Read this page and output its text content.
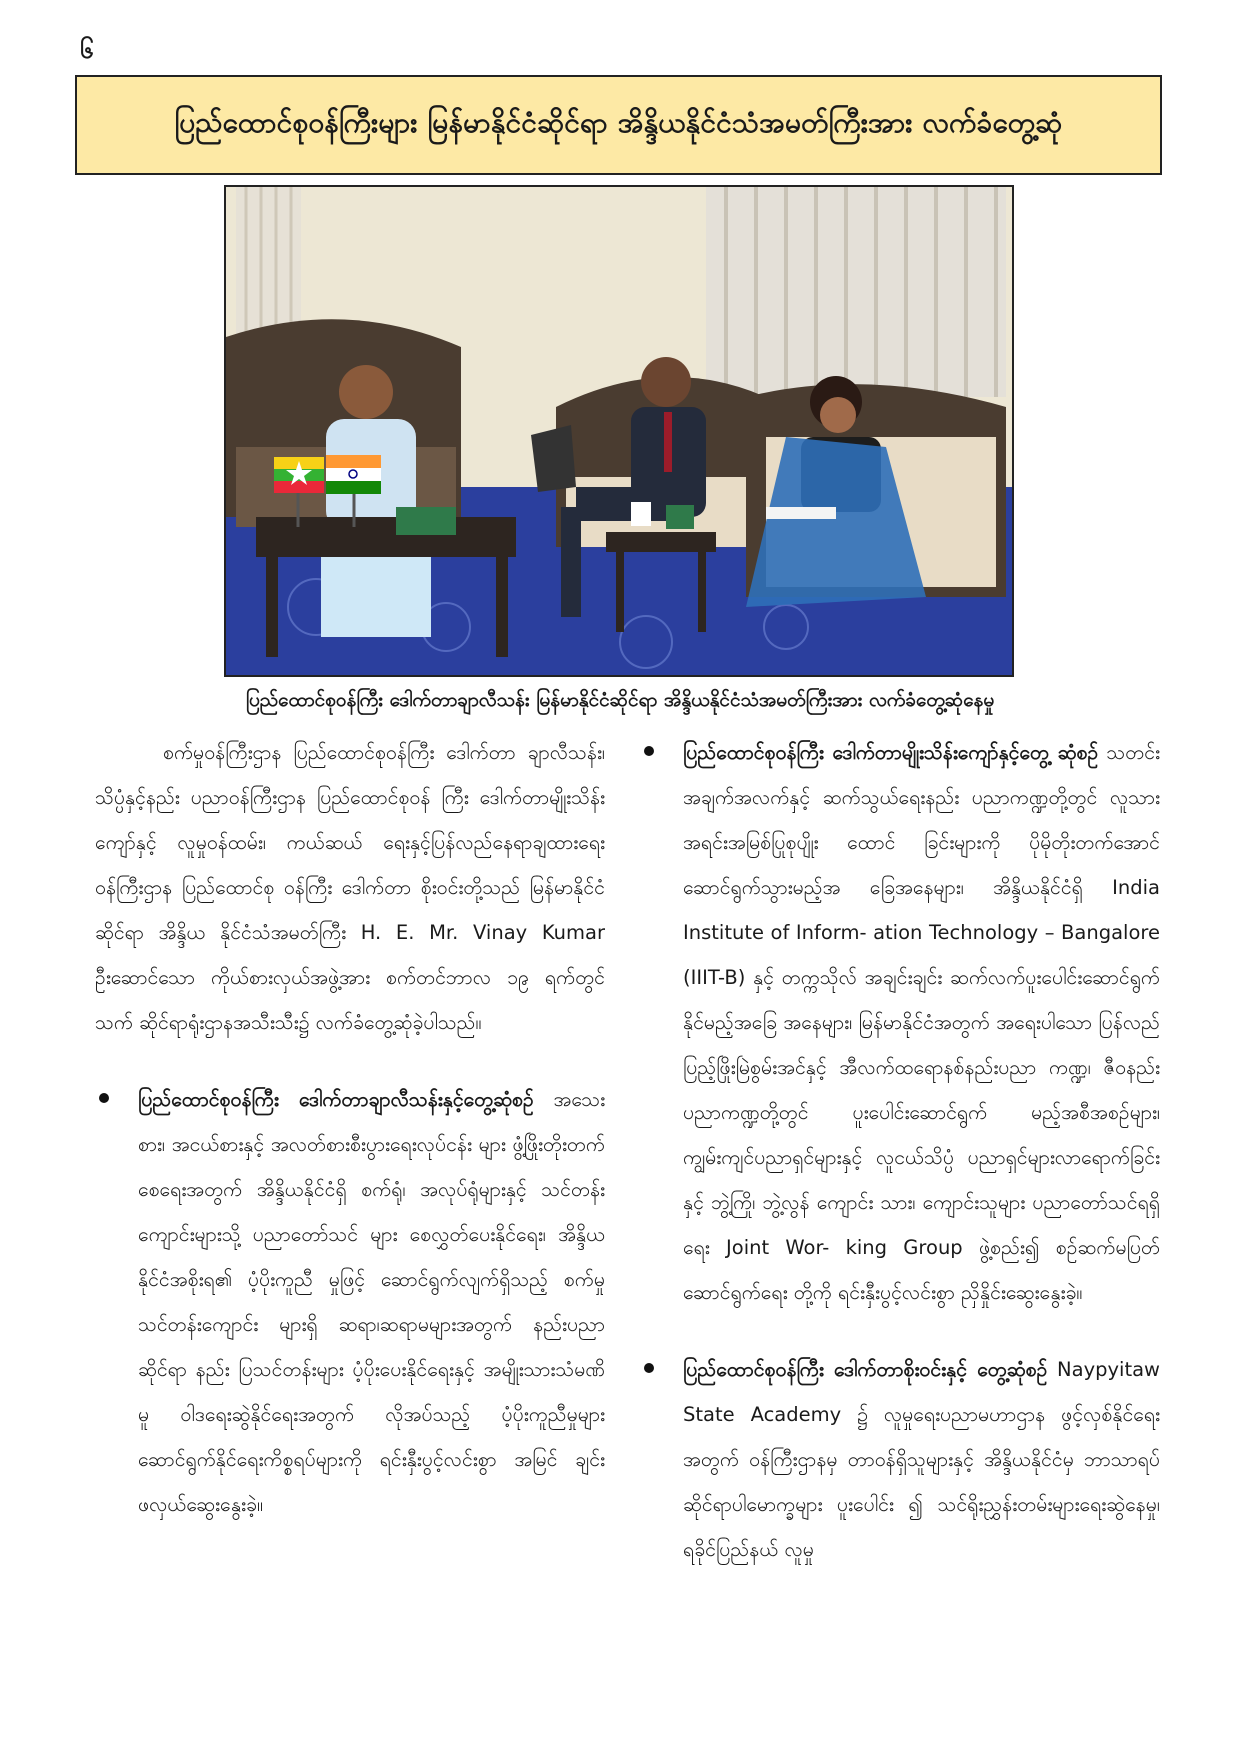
၆
ပြည်ထောင်စုဝန်ကြီးများ မြန်မာနိုင်ငံဆိုင်ရာ အိန္ဒိယနိုင်ငံသံအမတ်ကြီးအား လက်ခံတွေ့ဆုံ
ပြည်ထောင်စုဝန်ကြီး ဒေါက်တာချာလီသန်း မြန်မာနိုင်ငံဆိုင်ရာ အိန္ဒိယနိုင်ငံသံအမတ်ကြီးအား လက်ခံတွေ့ဆုံနေမှု

စက်မှုဝန်ကြီးဌာန ပြည်ထောင်စုဝန်ကြီး ဒေါက်တာ ချာလီသန်း၊ သိပ္ပံနှင့်နည်း ပညာဝန်ကြီးဌာန ပြည်ထောင်စုဝန် ကြီး ဒေါက်တာမျိုးသိန်းကျော်နှင့် လူမှုဝန်ထမ်း၊ ကယ်ဆယ် ရေးနှင့်ပြန်လည်နေရာချထားရေးဝန်ကြီးဌာန ပြည်ထောင်စု ဝန်ကြီး ဒေါက်တာ စိုးဝင်းတို့သည် မြန်မာနိုင်ငံဆိုင်ရာ အိန္ဒိယ နိုင်ငံသံအမတ်ကြီး H. E. Mr. Vinay Kumar ဦးဆောင်သော ကိုယ်စားလှယ်အဖွဲ့အား စက်တင်ဘာလ ၁၉ ရက်တွင် သက် ဆိုင်ရာရုံးဌာနအသီးသီး၌ လက်ခံတွေ့ဆုံခဲ့ပါသည်။

ပြည်ထောင်စုဝန်ကြီး ဒေါက်တာချာလီသန်းနှင့်တွေ့ဆုံစဉ် အသေးစား၊ အငယ်စားနှင့် အလတ်စားစီးပွားရေးလုပ်ငန်း များ ဖွံ့ဖြိုးတိုးတက်စေရေးအတွက် အိန္ဒိယနိုင်ငံရှိ စက်ရုံ၊ အလုပ်ရုံများနှင့် သင်တန်းကျောင်းများသို့ ပညာတော်သင် များ စေလွှတ်ပေးနိုင်ရေး၊ အိန္ဒိယနိုင်ငံအစိုးရ၏ ပံ့ပိုးကူညီ မှုဖြင့် ဆောင်ရွက်လျက်ရှိသည့် စက်မှုသင်တန်းကျောင်း များရှိ ဆရာ၊ဆရာမများအတွက် နည်းပညာဆိုင်ရာ နည်း ပြသင်တန်းများ ပံ့ပိုးပေးနိုင်ရေးနှင့် အမျိုးသားသံမဏိ မူ ဝါဒရေးဆွဲနိုင်ရေးအတွက် လိုအပ်သည့် ပံ့ပိုးကူညီမှုများ ဆောင်ရွက်နိုင်ရေးကိစ္စရပ်များကို ရင်းနှီးပွင့်လင်းစွာ အမြင် ချင်း ဖလှယ်ဆွေးနွေးခဲ့။
ပြည်ထောင်စုဝန်ကြီး ဒေါက်တာမျိုးသိန်းကျော်နှင့်တွေ့ ဆုံစဉ် သတင်းအချက်အလက်နှင့် ဆက်သွယ်ရေးနည်း ပညာကဏ္ဍတို့တွင် လူသားအရင်းအမြစ်ပြုစုပျိုး ထောင် ခြင်းများကို ပိုမိုတိုးတက်အောင် ဆောင်ရွက်သွားမည့်အ ခြေအနေများ၊ အိန္ဒိယနိုင်ငံရှိ India Institute of Inform- ation Technology – Bangalore (IIIT-B) နှင့် တက္ကသိုလ် အချင်းချင်း ဆက်လက်ပူးပေါင်းဆောင်ရွက်နိုင်မည့်အခြေ အနေများ၊ မြန်မာနိုင်ငံအတွက် အရေးပါသော ပြန်လည် ပြည့်ဖြိုးမြဲစွမ်းအင်နှင့် အီလက်ထရောနစ်နည်းပညာ ကဏ္ဍ၊ ဇီဝနည်းပညာကဏ္ဍတို့တွင် ပူးပေါင်းဆောင်ရွက် မည့်အစီအစဉ်များ၊ ကျွမ်းကျင်ပညာရှင်များနှင့် လူငယ်သိပ္ပံ ပညာရှင်များလာရောက်ခြင်းနှင့် ဘွဲ့ကြို၊ ဘွဲ့လွန် ကျောင်း သား၊ ကျောင်းသူများ ပညာတော်သင်ရရှိရေး Joint Wor- king Group ဖွဲ့စည်း၍ စဉ်ဆက်မပြတ် ဆောင်ရွက်ရေး တို့ကို ရင်းနှီးပွင့်လင်းစွာ ညှိနှိုင်းဆွေးနွေးခဲ့။
ပြည်ထောင်စုဝန်ကြီး ဒေါက်တာစိုးဝင်းနှင့် တွေ့ဆုံစဉ် Naypyitaw State Academy ၌ လူမှုရေးပညာမဟာဌာန ဖွင့်လှစ်နိုင်ရေးအတွက် ဝန်ကြီးဌာနမှ တာဝန်ရှိသူများနှင့် အိန္ဒိယနိုင်ငံမှ ဘာသာရပ်ဆိုင်ရာပါမောက္ခများ ပူးပေါင်း ၍ သင်ရိုးညွှန်းတမ်းများရေးဆွဲနေမှု၊ ရခိုင်ပြည်နယ် လူမှု
